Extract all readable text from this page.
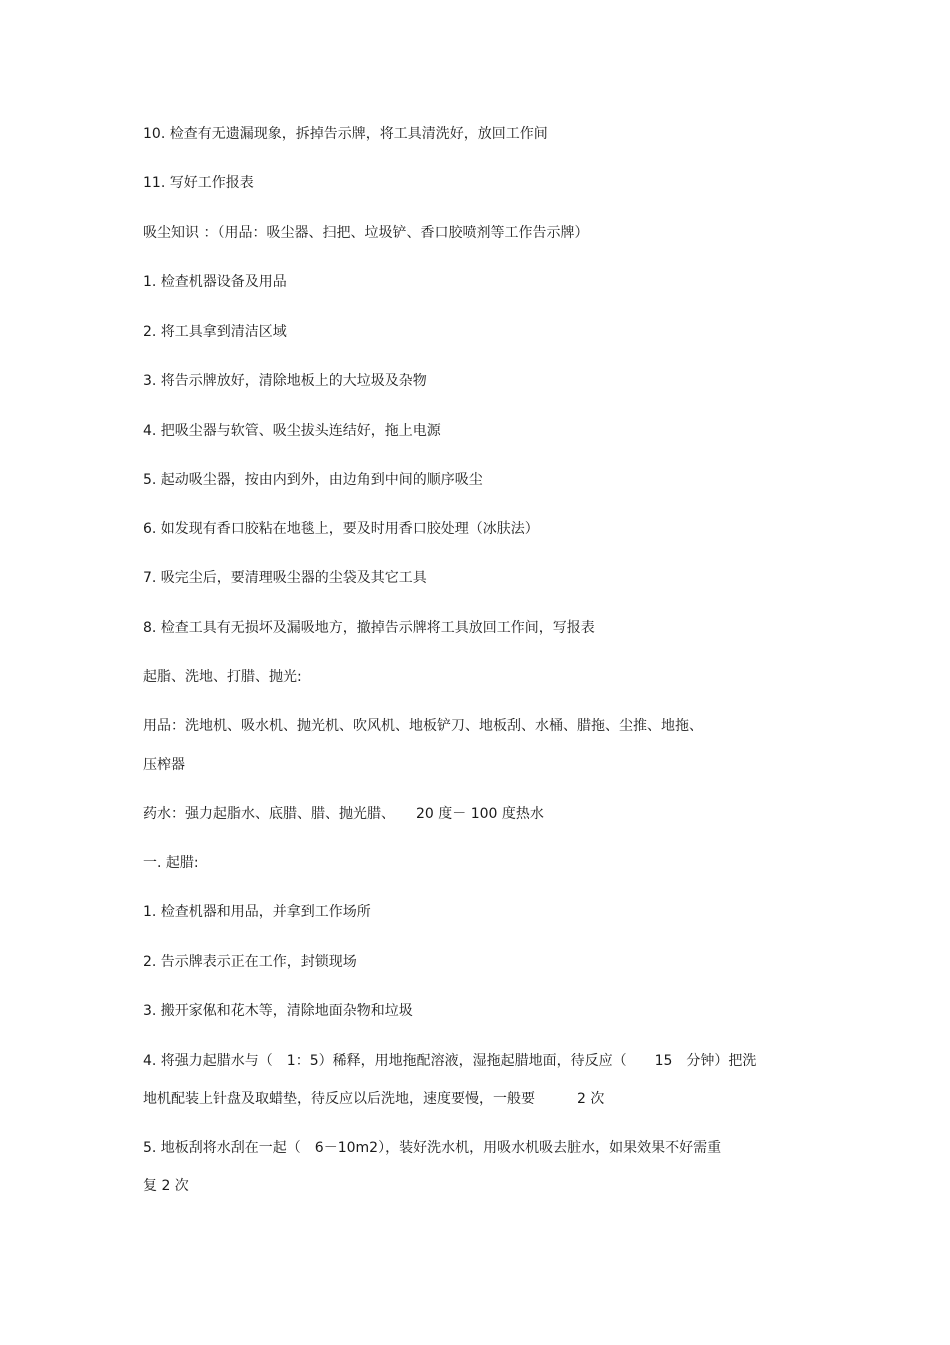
10. 检查有无遗漏现象，拆掉告示牌，将工具清洗好，放回工作间
11. 写好工作报表
吸尘知识 ：（用品：吸尘器、扫把、垃圾铲、香口胶喷剂等工作告示牌）
1. 检查机器设备及用品
2. 将工具拿到清洁区域
3. 将告示牌放好，清除地板上的大垃圾及杂物
4. 把吸尘器与软管、吸尘拔头连结好，拖上电源
5. 起动吸尘器，按由内到外，由边角到中间的顺序吸尘
6. 如发现有香口胶粘在地毯上，要及时用香口胶处理（冰肤法）
7. 吸完尘后，要清理吸尘器的尘袋及其它工具
8. 检查工具有无损坏及漏吸地方，撤掉告示牌将工具放回工作间，写报表
起脂、洗地、打腊、抛光:
用品：洗地机、吸水机、抛光机、吹风机、地板铲刀、地板刮、水桶、腊拖、尘推、地拖、
压榨器
药水：强力起脂水、底腊、腊、抛光腊、　　20 度－ 100 度热水
一. 起腊:
1. 检查机器和用品，并拿到工作场所
2. 告示牌表示正在工作，封锁现场
3. 搬开家俬和花木等，清除地面杂物和垃圾
4. 将强力起腊水与（　1：5）稀释，用地拖配溶液，湿拖起腊地面，待反应（　　15　分钟）把洗
地机配装上针盘及取蜡垫，待反应以后洗地，速度要慢，一般要　　　2 次
5. 地板刮将水刮在一起（　6－10m2），装好洗水机，用吸水机吸去脏水，如果效果不好需重
复 2 次
